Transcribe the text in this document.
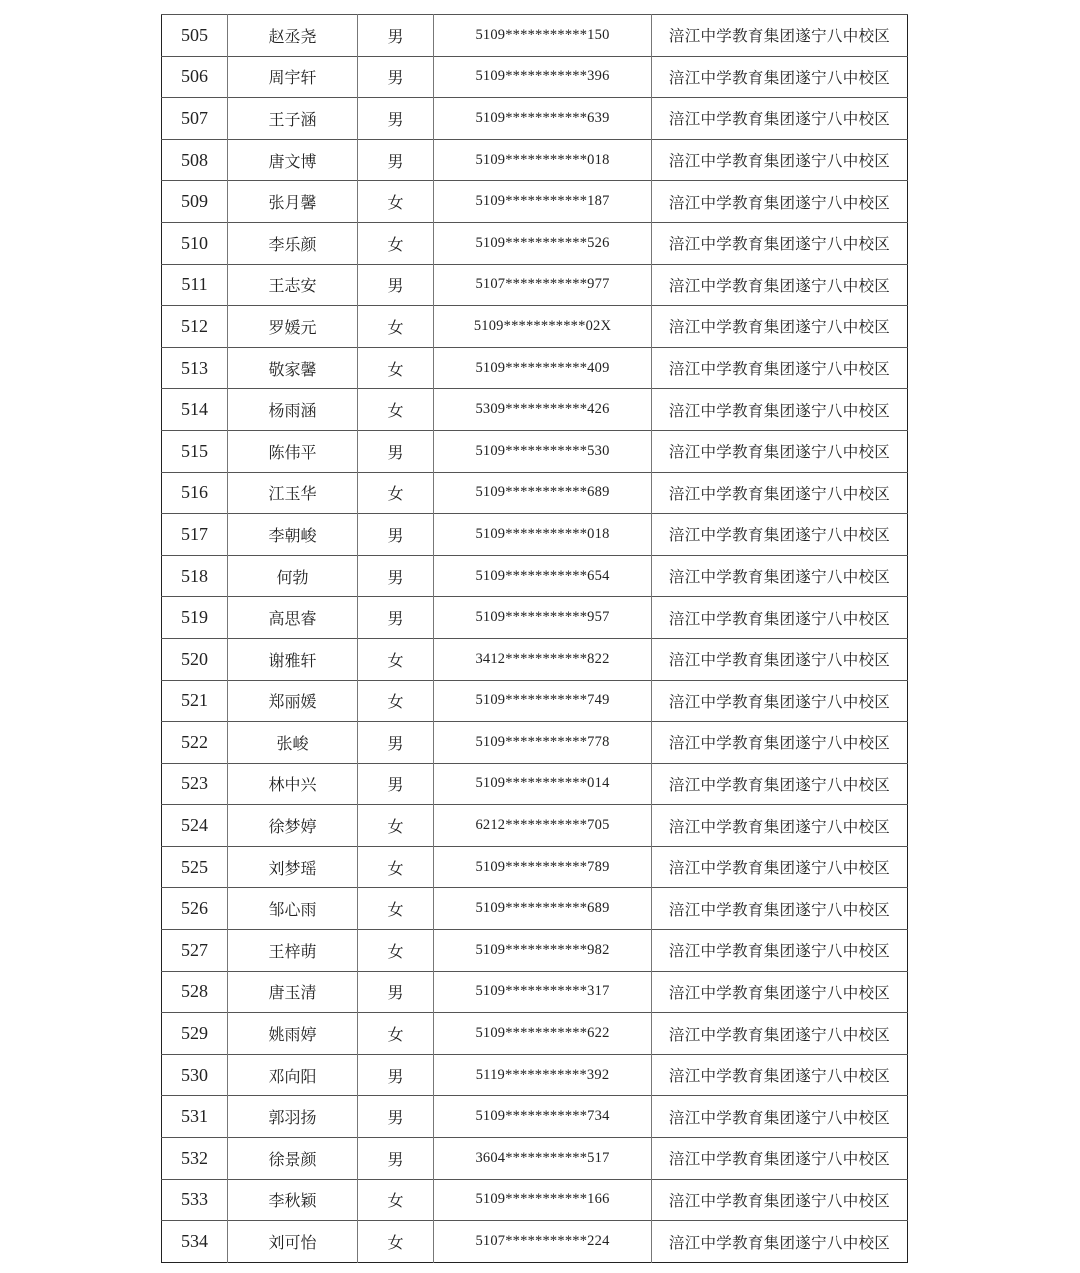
505	赵丞尧	男	5109***********150	涪江中学教育集团遂宁八中校区
506	周宇轩	男	5109***********396	涪江中学教育集团遂宁八中校区
507	王子涵	男	5109***********639	涪江中学教育集团遂宁八中校区
508	唐文博	男	5109***********018	涪江中学教育集团遂宁八中校区
509	张月馨	女	5109***********187	涪江中学教育集团遂宁八中校区
510	李乐颜	女	5109***********526	涪江中学教育集团遂宁八中校区
511	王志安	男	5107***********977	涪江中学教育集团遂宁八中校区
512	罗媛元	女	5109***********02X	涪江中学教育集团遂宁八中校区
513	敬家馨	女	5109***********409	涪江中学教育集团遂宁八中校区
514	杨雨涵	女	5309***********426	涪江中学教育集团遂宁八中校区
515	陈伟平	男	5109***********530	涪江中学教育集团遂宁八中校区
516	江玉华	女	5109***********689	涪江中学教育集团遂宁八中校区
517	李朝峻	男	5109***********018	涪江中学教育集团遂宁八中校区
518	何勃	男	5109***********654	涪江中学教育集团遂宁八中校区
519	高思睿	男	5109***********957	涪江中学教育集团遂宁八中校区
520	谢雅轩	女	3412***********822	涪江中学教育集团遂宁八中校区
521	郑丽媛	女	5109***********749	涪江中学教育集团遂宁八中校区
522	张峻	男	5109***********778	涪江中学教育集团遂宁八中校区
523	林中兴	男	5109***********014	涪江中学教育集团遂宁八中校区
524	徐梦婷	女	6212***********705	涪江中学教育集团遂宁八中校区
525	刘梦瑶	女	5109***********789	涪江中学教育集团遂宁八中校区
526	邹心雨	女	5109***********689	涪江中学教育集团遂宁八中校区
527	王梓萌	女	5109***********982	涪江中学教育集团遂宁八中校区
528	唐玉清	男	5109***********317	涪江中学教育集团遂宁八中校区
529	姚雨婷	女	5109***********622	涪江中学教育集团遂宁八中校区
530	邓向阳	男	5119***********392	涪江中学教育集团遂宁八中校区
531	郭羽扬	男	5109***********734	涪江中学教育集团遂宁八中校区
532	徐景颜	男	3604***********517	涪江中学教育集团遂宁八中校区
533	李秋颖	女	5109***********166	涪江中学教育集团遂宁八中校区
534	刘可怡	女	5107***********224	涪江中学教育集团遂宁八中校区
